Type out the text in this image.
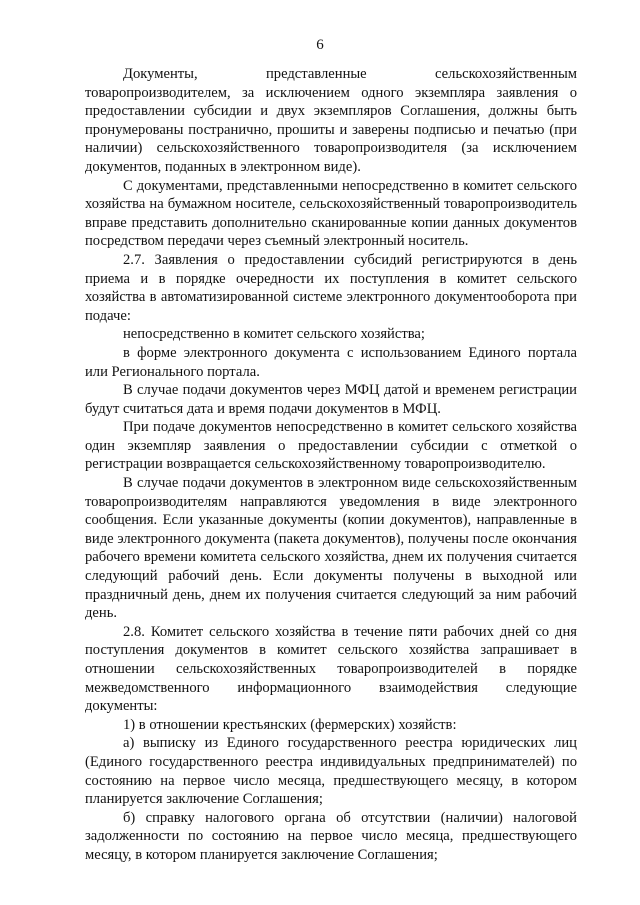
6

Документы, представленные сельскохозяйственным товаропроизводителем, за исключением одного экземпляра заявления о предоставлении субсидии и двух экземпляров Соглашения, должны быть пронумерованы постранично, прошиты и заверены подписью и печатью (при наличии) сельскохозяйственного товаропроизводителя (за исключением документов, поданных в электронном виде).

С документами, представленными непосредственно в комитет сельского хозяйства на бумажном носителе, сельскохозяйственный товаропроизводитель вправе представить дополнительно сканированные копии данных документов посредством передачи через съемный электронный носитель.

2.7. Заявления о предоставлении субсидий регистрируются в день приема и в порядке очередности их поступления в комитет сельского хозяйства в автоматизированной системе электронного документооборота при подаче:

непосредственно в комитет сельского хозяйства;

в форме электронного документа с использованием Единого портала или Регионального портала.

В случае подачи документов через МФЦ датой и временем регистрации будут считаться дата и время подачи документов в МФЦ.

При подаче документов непосредственно в комитет сельского хозяйства один экземпляр заявления о предоставлении субсидии с отметкой о регистрации возвращается сельскохозяйственному товаропроизводителю.

В случае подачи документов в электронном виде сельскохозяйственным товаропроизводителям направляются уведомления в виде электронного сообщения. Если указанные документы (копии документов), направленные в виде электронного документа (пакета документов), получены после окончания рабочего времени комитета сельского хозяйства, днем их получения считается следующий рабочий день. Если документы получены в выходной или праздничный день, днем их получения считается следующий за ним рабочий день.

2.8. Комитет сельского хозяйства в течение пяти рабочих дней со дня поступления документов в комитет сельского хозяйства запрашивает в отношении сельскохозяйственных товаропроизводителей в порядке межведомственного информационного взаимодействия следующие документы:

1) в отношении крестьянских (фермерских) хозяйств:

а) выписку из Единого государственного реестра юридических лиц (Единого государственного реестра индивидуальных предпринимателей) по состоянию на первое число месяца, предшествующего месяцу, в котором планируется заключение Соглашения;

б) справку налогового органа об отсутствии (наличии) налоговой задолженности по состоянию на первое число месяца, предшествующего месяцу, в котором планируется заключение Соглашения;
